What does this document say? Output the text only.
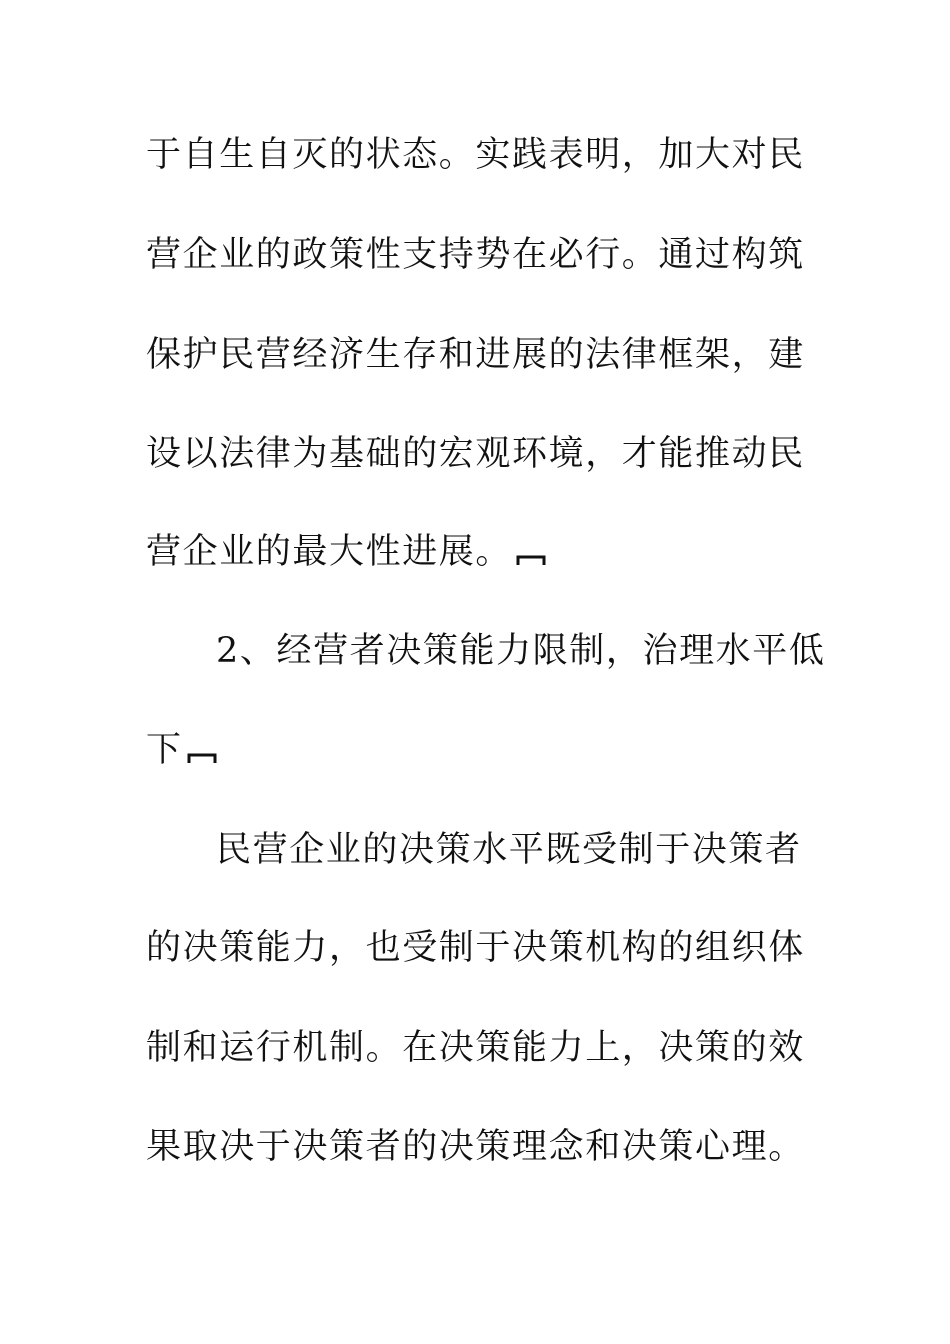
于自生自灭的状态。实践表明，加大对民
营企业的政策性支持势在必行。通过构筑
保护民营经济生存和进展的法律框架，建
设以法律为基础的宏观环境，才能推动民
营企业的最大性进展。
2、经营者决策能力限制，治理水平低
下
民营企业的决策水平既受制于决策者
的决策能力，也受制于决策机构的组织体
制和运行机制。在决策能力上，决策的效
果取决于决策者的决策理念和决策心理。
